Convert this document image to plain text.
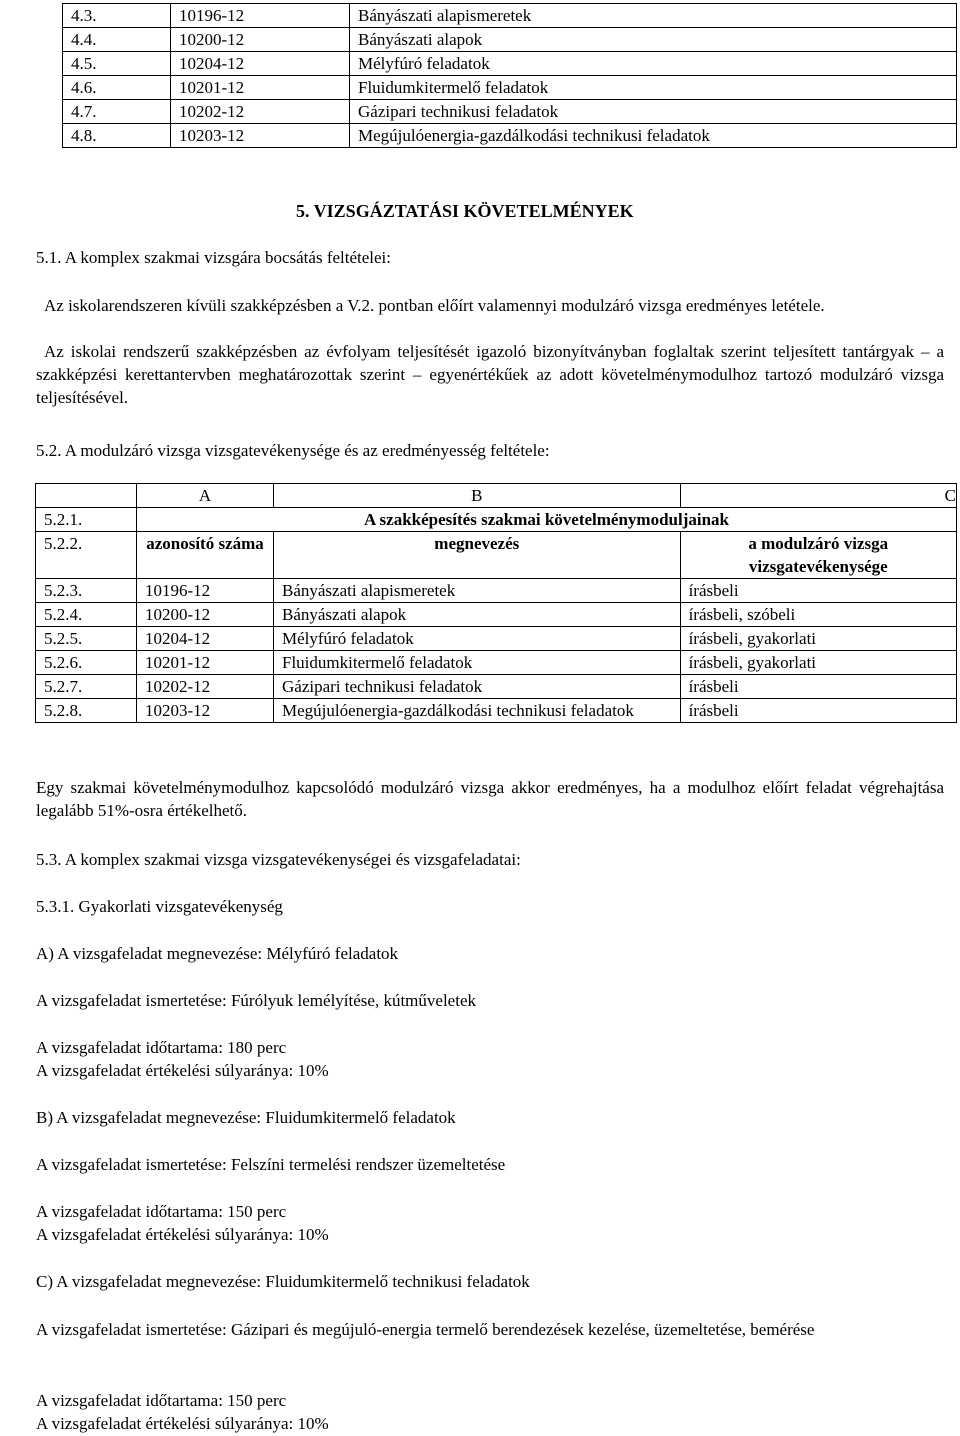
4.3.	10196-12	Bányászati alapismeretek
4.4.	10200-12	Bányászati alapok
4.5.	10204-12	Mélyfúró feladatok
4.6.	10201-12	Fluidumkitermelő feladatok
4.7.	10202-12	Gázipari technikusi feladatok
4.8.	10203-12	Megújulóenergia-gazdálkodási technikusi feladatok
5. VIZSGÁZTATÁSI KÖVETELMÉNYEK
5.1. A komplex szakmai vizsgára bocsátás feltételei:
Az iskolarendszeren kívüli szakképzésben a V.2. pontban előírt valamennyi modulzáró vizsga eredményes letétele.
Az iskolai rendszerű szakképzésben az évfolyam teljesítését igazoló bizonyítványban foglaltak szerint teljesített tantárgyak – a szakképzési kerettantervben meghatározottak szerint – egyenértékűek az adott követelménymodulhoz tartozó modulzáró vizsga teljesítésével.
5.2. A modulzáró vizsga vizsgatevékenysége és az eredményesség feltétele:
	A	B	C
5.2.1.	A szakképesítés szakmai követelménymoduljainak		
5.2.2.	azonosító száma	megnevezés	a modulzáró vizsga vizsgatevékenysége
5.2.3.	10196-12	Bányászati alapismeretek	írásbeli
5.2.4.	10200-12	Bányászati alapok	írásbeli, szóbeli
5.2.5.	10204-12	Mélyfúró feladatok	írásbeli, gyakorlati
5.2.6.	10201-12	Fluidumkitermelő feladatok	írásbeli, gyakorlati
5.2.7.	10202-12	Gázipari technikusi feladatok	írásbeli
5.2.8.	10203-12	Megújulóenergia-gazdálkodási technikusi feladatok	írásbeli
Egy szakmai követelménymodulhoz kapcsolódó modulzáró vizsga akkor eredményes, ha a modulhoz előírt feladat végrehajtása legalább 51%-osra értékelhető.
5.3. A komplex szakmai vizsga vizsgatevékenységei és vizsgafeladatai:
5.3.1. Gyakorlati vizsgatevékenység
A) A vizsgafeladat megnevezése: Mélyfúró feladatok
A vizsgafeladat ismertetése: Fúrólyuk lemélyítése, kútműveletek
A vizsgafeladat időtartama: 180 perc
A vizsgafeladat értékelési súlyaránya: 10%
B) A vizsgafeladat megnevezése: Fluidumkitermelő feladatok
A vizsgafeladat ismertetése: Felszíni termelési rendszer üzemeltetése
A vizsgafeladat időtartama: 150 perc
A vizsgafeladat értékelési súlyaránya: 10%
C) A vizsgafeladat megnevezése: Fluidumkitermelő technikusi feladatok
A vizsgafeladat ismertetése: Gázipari és megújuló-energia termelő berendezések kezelése, üzemeltetése, bemérése
A vizsgafeladat időtartama: 150 perc
A vizsgafeladat értékelési súlyaránya: 10%
